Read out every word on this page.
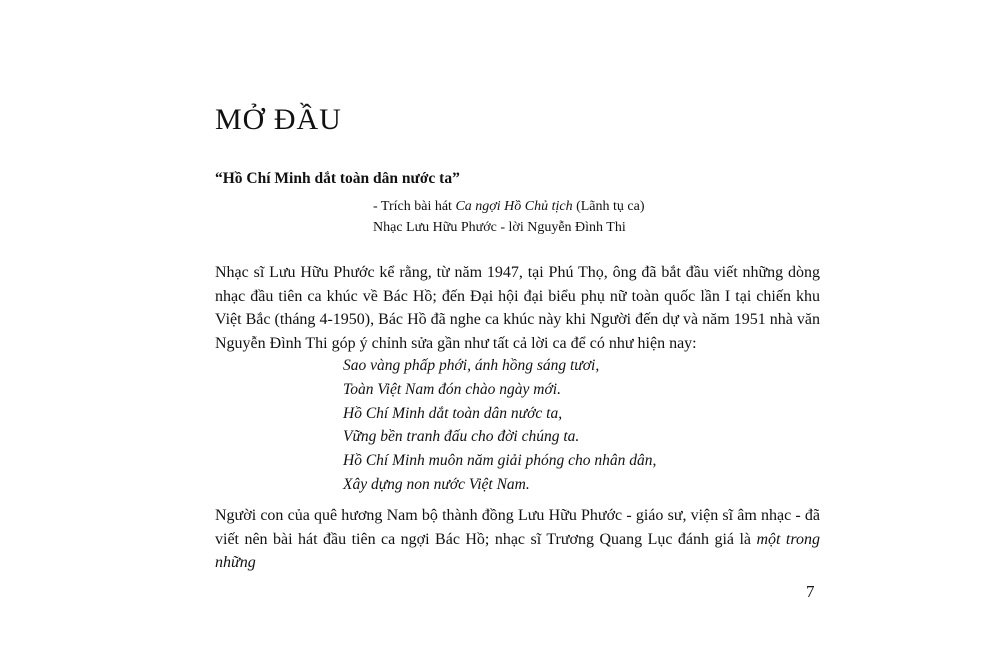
MỞ ĐẦU
“Hồ Chí Minh dắt toàn dân nước ta”
- Trích bài hát Ca ngợi Hồ Chủ tịch (Lãnh tụ ca)
Nhạc Lưu Hữu Phước - lời Nguyễn Đình Thi

Nhạc sĩ Lưu Hữu Phước kể rằng, từ năm 1947, tại Phú Thọ, ông đã bắt đầu viết những dòng nhạc đầu tiên ca khúc về Bác Hồ; đến Đại hội đại biểu phụ nữ toàn quốc lần I tại chiến khu Việt Bắc (tháng 4-1950), Bác Hồ đã nghe ca khúc này khi Người đến dự và năm 1951 nhà văn Nguyễn Đình Thi góp ý chỉnh sửa gần như tất cả lời ca để có như hiện nay:

Sao vàng phấp phới, ánh hồng sáng tươi,
Toàn Việt Nam đón chào ngày mới.
Hồ Chí Minh dắt toàn dân nước ta,
Vững bền tranh đấu cho đời chúng ta.
Hồ Chí Minh muôn năm giải phóng cho nhân dân,
Xây dựng non nước Việt Nam.

Người con của quê hương Nam bộ thành đồng Lưu Hữu Phước - giáo sư, viện sĩ âm nhạc - đã viết nên bài hát đầu tiên ca ngợi Bác Hồ; nhạc sĩ Trương Quang Lục đánh giá là một trong những

7
